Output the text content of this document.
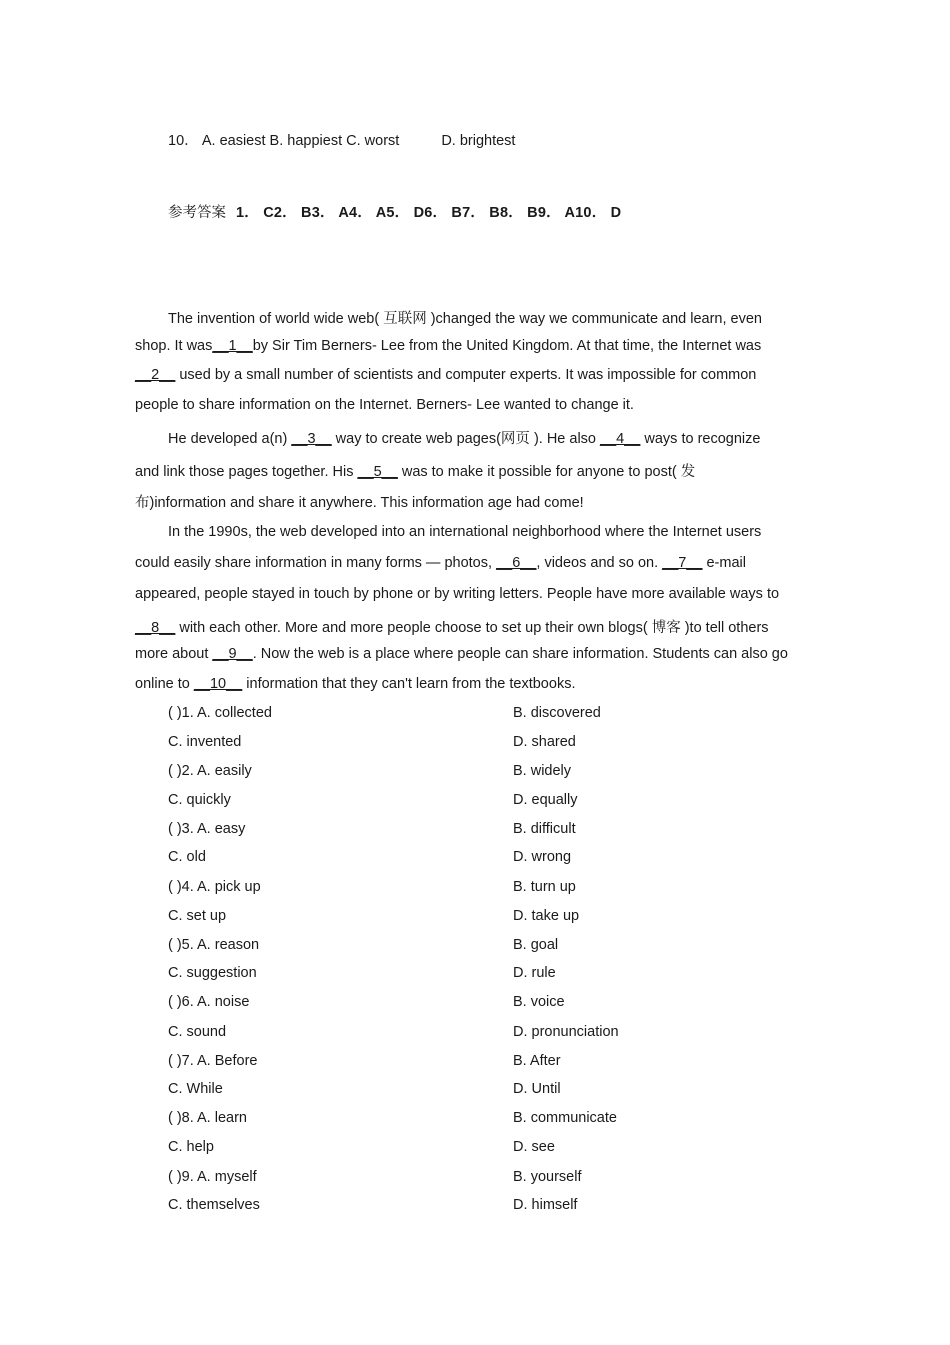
10． A. easiest B. happiest C. worst	D. brightest
参考答案 1． C2． B3． A4． A5． D6． B7． B8． B9． A10． D
The invention of world wide web( 互联网 )changed the way we communicate and learn, even
shop. It was__1__by Sir Tim Berners- Lee from the United Kingdom. At that time, the Internet was
__2__ used by a small number of scientists and computer experts. It was impossible for common
people to share information on the Internet. Berners- Lee wanted to change it.
He developed a(n) __3__ way to create web pages(网页 ). He also __4__ ways to recognize
and link those pages together. His __5__ was to make it possible for anyone to post( 发
布)information and share it anywhere. This information age had come!
In the 1990s, the web developed into an international neighborhood where the Internet users
could easily share information in many forms — photos, __6__, videos and so on. __7__ e-mail
appeared, people stayed in touch by phone or by writing letters. People have more available ways to
__8__ with each other. More and more people choose to set up their own blogs( 博客 )to tell others
more about __9__. Now the web is a place where people can share information. Students can also go
online to __10__ information that they can't learn from the textbooks.
( )1. A. collected	B. discovered
C. invented	D. shared
( )2. A. easily	B. widely
C. quickly	D. equally
( )3. A. easy	B. difficult
C. old	D. wrong
( )4. A. pick up	B. turn up
C. set up	D. take up
( )5. A. reason	B. goal
C. suggestion	D. rule
( )6. A. noise	B. voice
C. sound	D. pronunciation
( )7. A. Before	B. After
C. While	D. Until
( )8. A. learn	B. communicate
C. help	D. see
( )9. A. myself	B. yourself
C. themselves	D. himself
